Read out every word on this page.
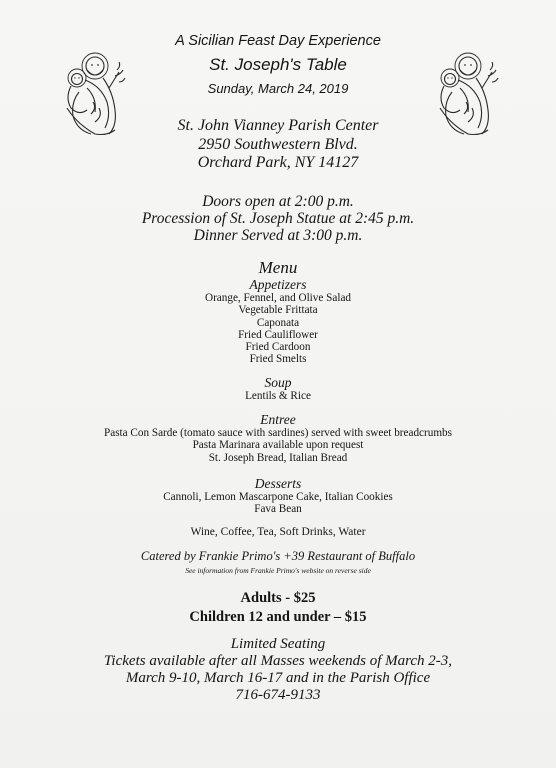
A Sicilian Feast Day Experience
St. Joseph's Table
Sunday, March 24, 2019
St. John Vianney Parish Center
2950 Southwestern Blvd.
Orchard Park, NY 14127
Doors open at 2:00 p.m.
Procession of St. Joseph Statue at 2:45 p.m.
Dinner Served at 3:00 p.m.
Menu
Appetizers
Orange, Fennel, and Olive Salad
Vegetable Frittata
Caponata
Fried Cauliflower
Fried Cardoon
Fried Smelts
Soup
Lentils & Rice
Entree
Pasta Con Sarde (tomato sauce with sardines) served with sweet breadcrumbs
Pasta Marinara available upon request
St. Joseph Bread, Italian Bread
Desserts
Cannoli, Lemon Mascarpone Cake, Italian Cookies
Fava Bean
Wine, Coffee, Tea, Soft Drinks, Water
Catered by Frankie Primo's +39 Restaurant of Buffalo
See information from Frankie Primo's website on reverse side
Adults - $25
Children 12 and under – $15
Limited Seating
Tickets available after all Masses weekends of March 2-3,
March 9-10, March 16-17 and in the Parish Office
716-674-9133
